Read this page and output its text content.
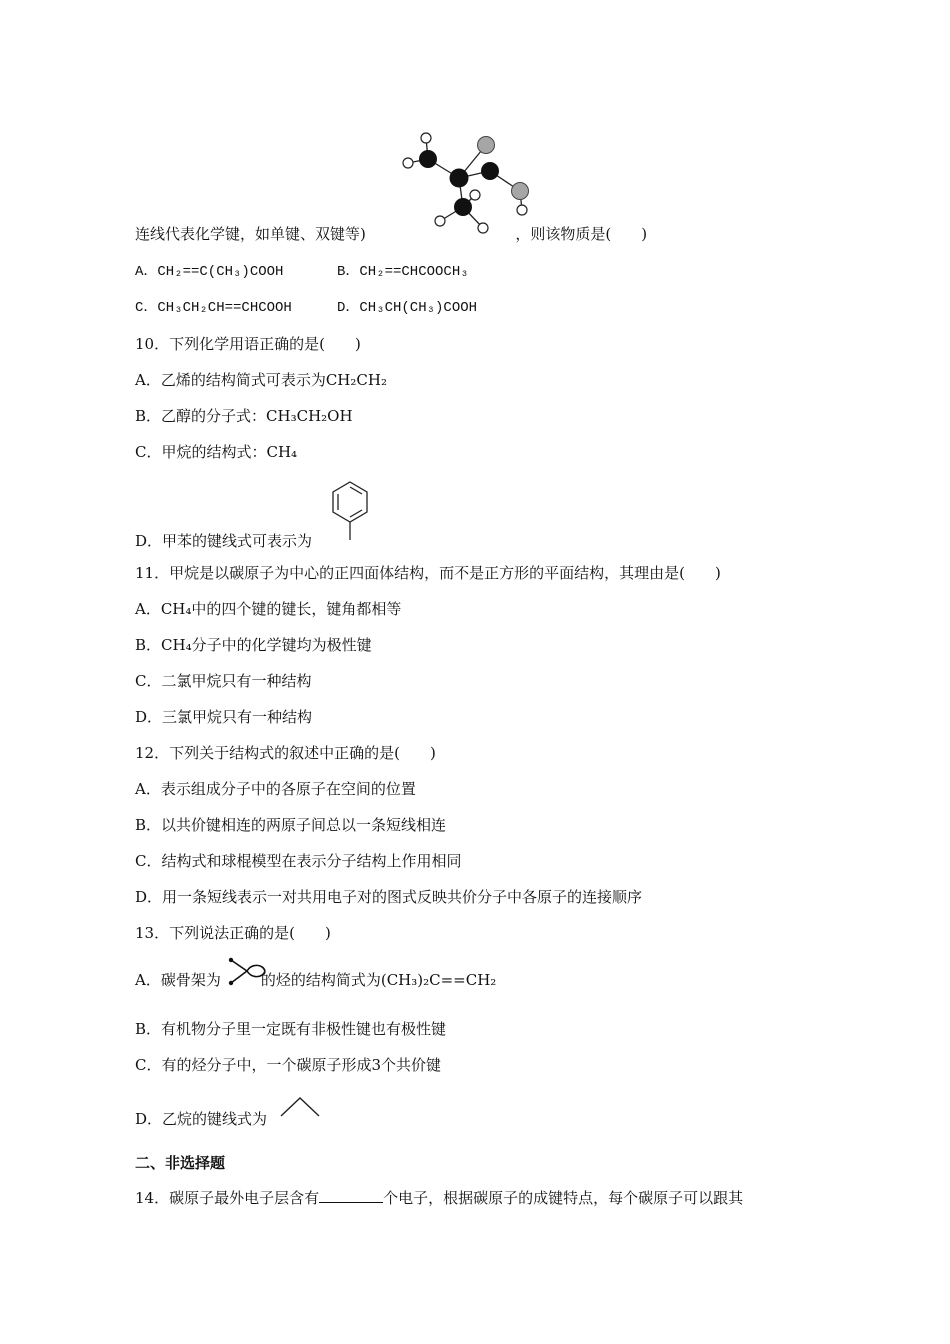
连线代表化学键，如单键、双键等)	，则该物质是(　　)
A．CH₂==C(CH₃)COOH	B．CH₂==CHCOOCH₃
C．CH₃CH₂CH==CHCOOH	D．CH₃CH(CH₃)COOH
10．下列化学用语正确的是(　　)
A．乙烯的结构简式可表示为CH₂CH₂
B．乙醇的分子式：CH₃CH₂OH
C．甲烷的结构式：CH₄
D．甲苯的键线式可表示为
11．甲烷是以碳原子为中心的正四面体结构，而不是正方形的平面结构，其理由是(　　)
A．CH₄中的四个键的键长，键角都相等
B．CH₄分子中的化学键均为极性键
C．二氯甲烷只有一种结构
D．三氯甲烷只有一种结构
12．下列关于结构式的叙述中正确的是(　　)
A．表示组成分子中的各原子在空间的位置
B．以共价键相连的两原子间总以一条短线相连
C．结构式和球棍模型在表示分子结构上作用相同
D．用一条短线表示一对共用电子对的图式反映共价分子中各原子的连接顺序
13．下列说法正确的是(　　)
A．碳骨架为	的烃的结构简式为(CH₃)₂C==CH₂
B．有机物分子里一定既有非极性键也有极性键
C．有的烃分子中，一个碳原子形成3个共价键
D．乙烷的键线式为
二、非选择题
14．碳原子最外电子层含有	个电子，根据碳原子的成键特点，每个碳原子可以跟其
